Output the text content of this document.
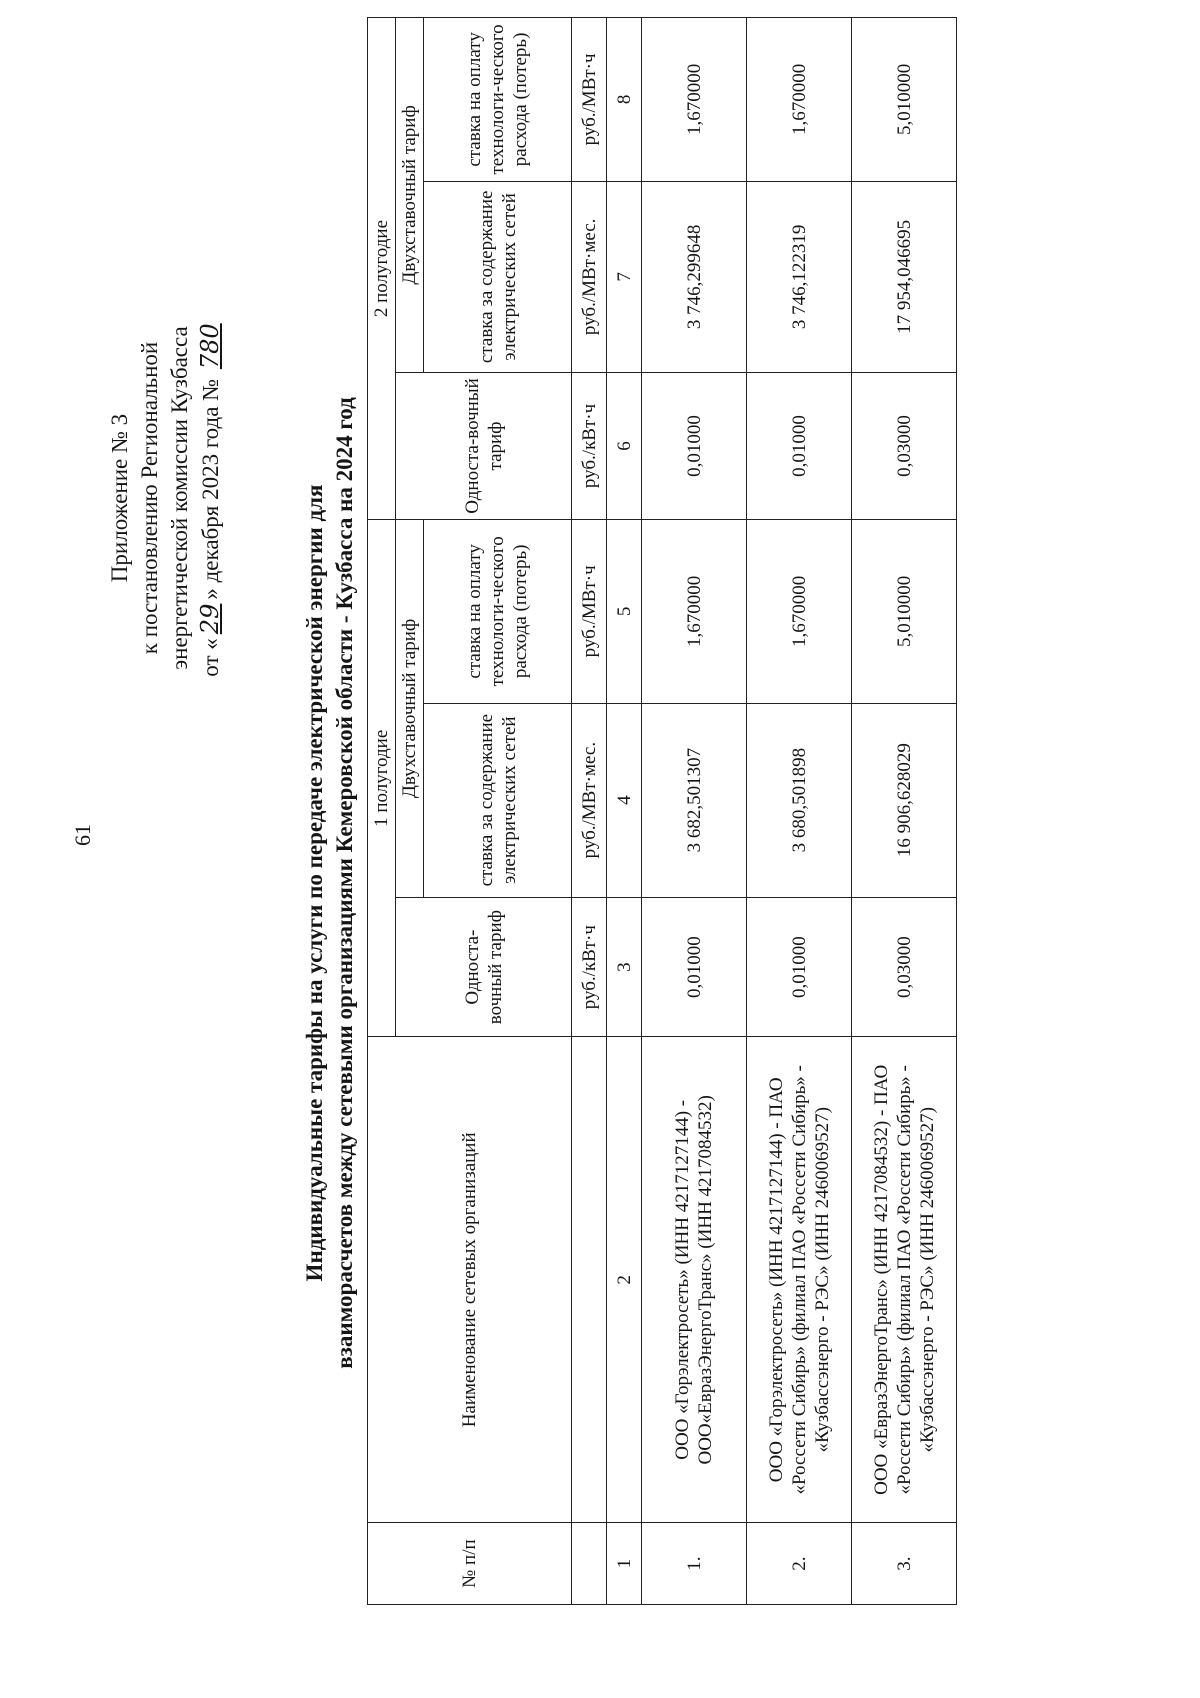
61
Приложение № 3 к постановлению Региональной энергетической комиссии Кузбасса от «29» декабря 2023 года № 780
Индивидуальные тарифы на услуги по передаче электрической энергии для взаиморасчетов между сетевыми организациями Кемеровской области - Кузбасса на 2024 год
№ п/п	Наименование сетевых организаций	1 полугодие			2 полугодие		
		Односта-вочный тариф	Двухставочный тариф		Односта-вочный тариф	Двухставочный тариф	
			ставка за содержание электрических сетей	ставка на оплату технологи-ческого расхода (потерь)		ставка за содержание электрических сетей	ставка на оплату технологи-ческого расхода (потерь)
		руб./кВт·ч	руб./МВт·мес.	руб./МВт·ч	руб./кВт·ч	руб./МВт·мес.	руб./МВт·ч
1	2	3	4	5	6	7	8
1.	ООО «Горэлектросеть» (ИНН 4217127144) - ООО«ЕвразЭнергоТранс» (ИНН 4217084532)	0,01000	3 682,501307	1,670000	0,01000	3 746,299648	1,670000
2.	ООО «Горэлектросеть» (ИНН 4217127144) - ПАО «Россети Сибирь» (филиал ПАО «Россети Сибирь» - «Кузбассэнерго - РЭС» (ИНН 2460069527)	0,01000	3 680,501898	1,670000	0,01000	3 746,122319	1,670000
3.	ООО «ЕвразЭнергоТранс» (ИНН 4217084532) - ПАО «Россети Сибирь» (филиал ПАО «Россети Сибирь» - «Кузбассэнерго - РЭС» (ИНН 2460069527)	0,03000	16 906,628029	5,010000	0,03000	17 954,046695	5,010000
